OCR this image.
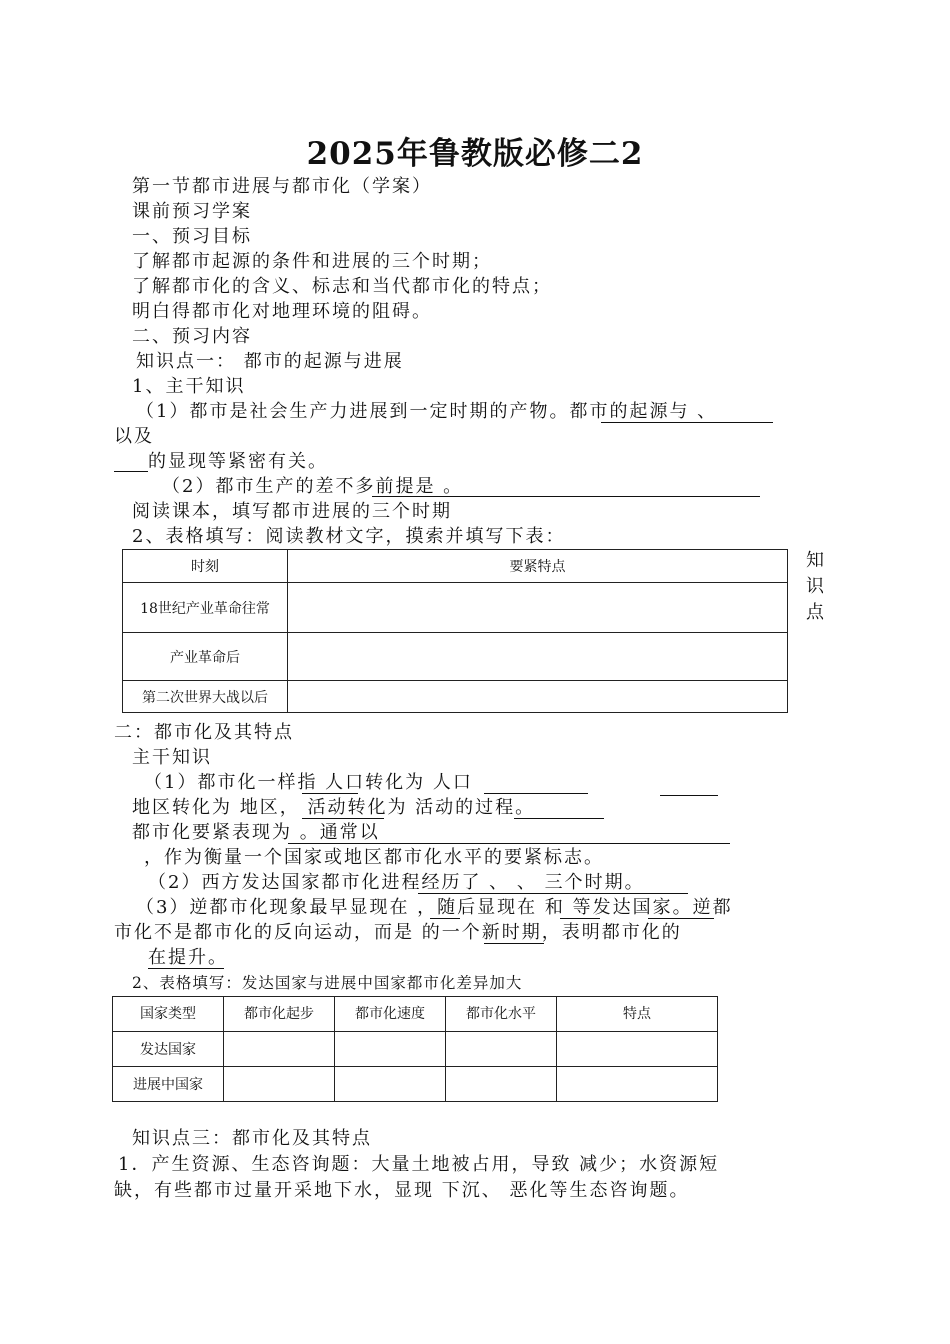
2025年鲁教版必修二2
第一节都市进展与都市化（学案）
课前预习学案
一、预习目标
了解都市起源的条件和进展的三个时期；
了解都市化的含义、标志和当代都市化的特点；
明白得都市化对地理环境的阻碍。
二、预习内容
知识点一： 都市的起源与进展
1、主干知识
（1）都市是社会生产力进展到一定时期的产物。都市的起源与 、
以及
的显现等紧密有关。
（2）都市生产的差不多前提是 。
阅读课本，填写都市进展的三个时期
2、表格填写：阅读教材文字，摸索并填写下表：
时刻	要紧特点
18世纪产业革命往常	
产业革命后	
第二次世界大战以后	
知
识
点
二：都市化及其特点
主干知识
（1）都市化一样指 人口转化为 人口
地区转化为 地区， 活动转化为 活动的过程。
都市化要紧表现为 。通常以
，作为衡量一个国家或地区都市化水平的要紧标志。
（2）西方发达国家都市化进程经历了 、 、 三个时期。
（3）逆都市化现象最早显现在 ，随后显现在 和 等发达国家。逆都
市化不是都市化的反向运动，而是 的一个新时期，表明都市化的
在提升。
2、表格填写：发达国家与进展中国家都市化差异加大
国家类型	都市化起步	都市化速度	都市化水平	特点
发达国家				
进展中国家				
知识点三：都市化及其特点
1．产生资源、生态咨询题：大量土地被占用，导致 减少；水资源短
缺，有些都市过量开采地下水，显现 下沉、 恶化等生态咨询题。
